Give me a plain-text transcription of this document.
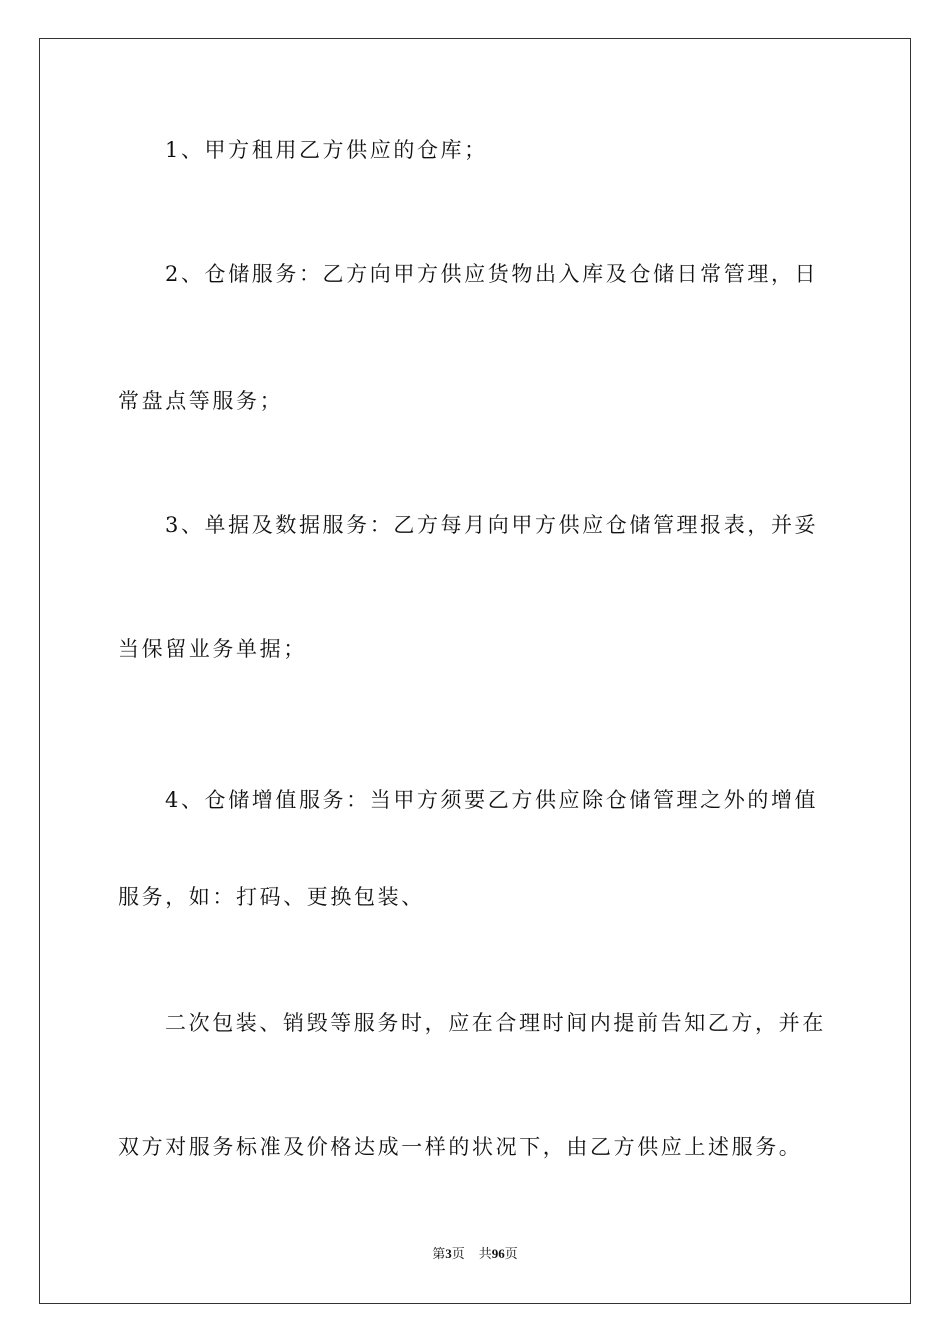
1、甲方租用乙方供应的仓库；
2、仓储服务：乙方向甲方供应货物出入库及仓储日常管理，日
常盘点等服务；
3、单据及数据服务：乙方每月向甲方供应仓储管理报表，并妥
当保留业务单据；
4、仓储增值服务：当甲方须要乙方供应除仓储管理之外的增值
服务，如：打码、更换包装、
二次包装、销毁等服务时，应在合理时间内提前告知乙方，并在
双方对服务标准及价格达成一样的状况下，由乙方供应上述服务。
第3页 共96页
